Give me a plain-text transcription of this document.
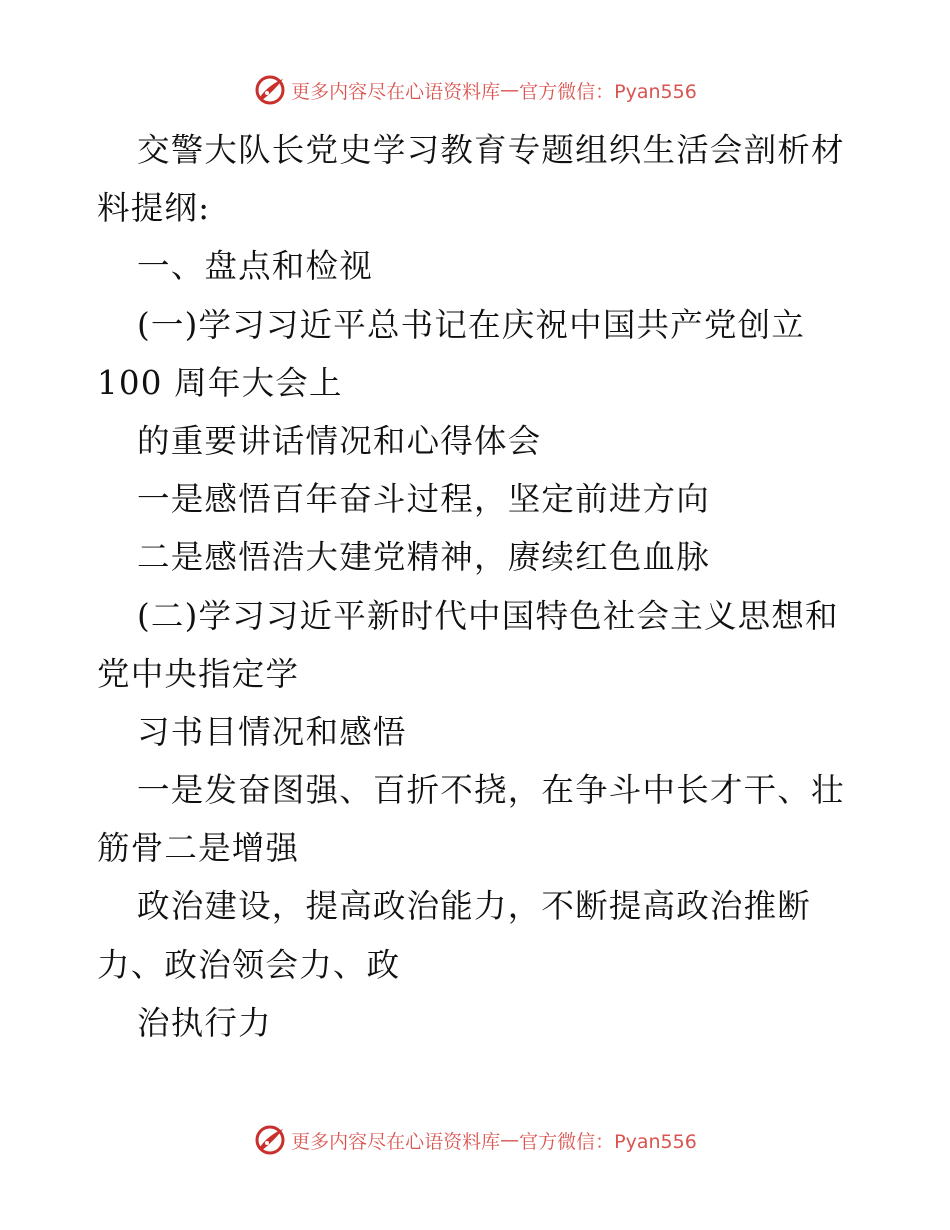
更多内容尽在心语资料库 — 官方微信：Pyan556
交警大队长党史学习教育专题组织生活会剖析材
料提纲:
一、盘点和检视
(一)学习习近平总书记在庆祝中国共产党创立
100 周年大会上
的重要讲话情况和心得体会
一是感悟百年奋斗过程，坚定前进方向
二是感悟浩大建党精神，赓续红色血脉
(二)学习习近平新时代中国特色社会主义思想和
党中央指定学
习书目情况和感悟
一是发奋图强、百折不挠，在争斗中长才干、壮
筋骨二是增强
政治建设，提高政治能力，不断提高政治推断
力、政治领会力、政
治执行力
更多内容尽在心语资料库 — 官方微信：Pyan556
